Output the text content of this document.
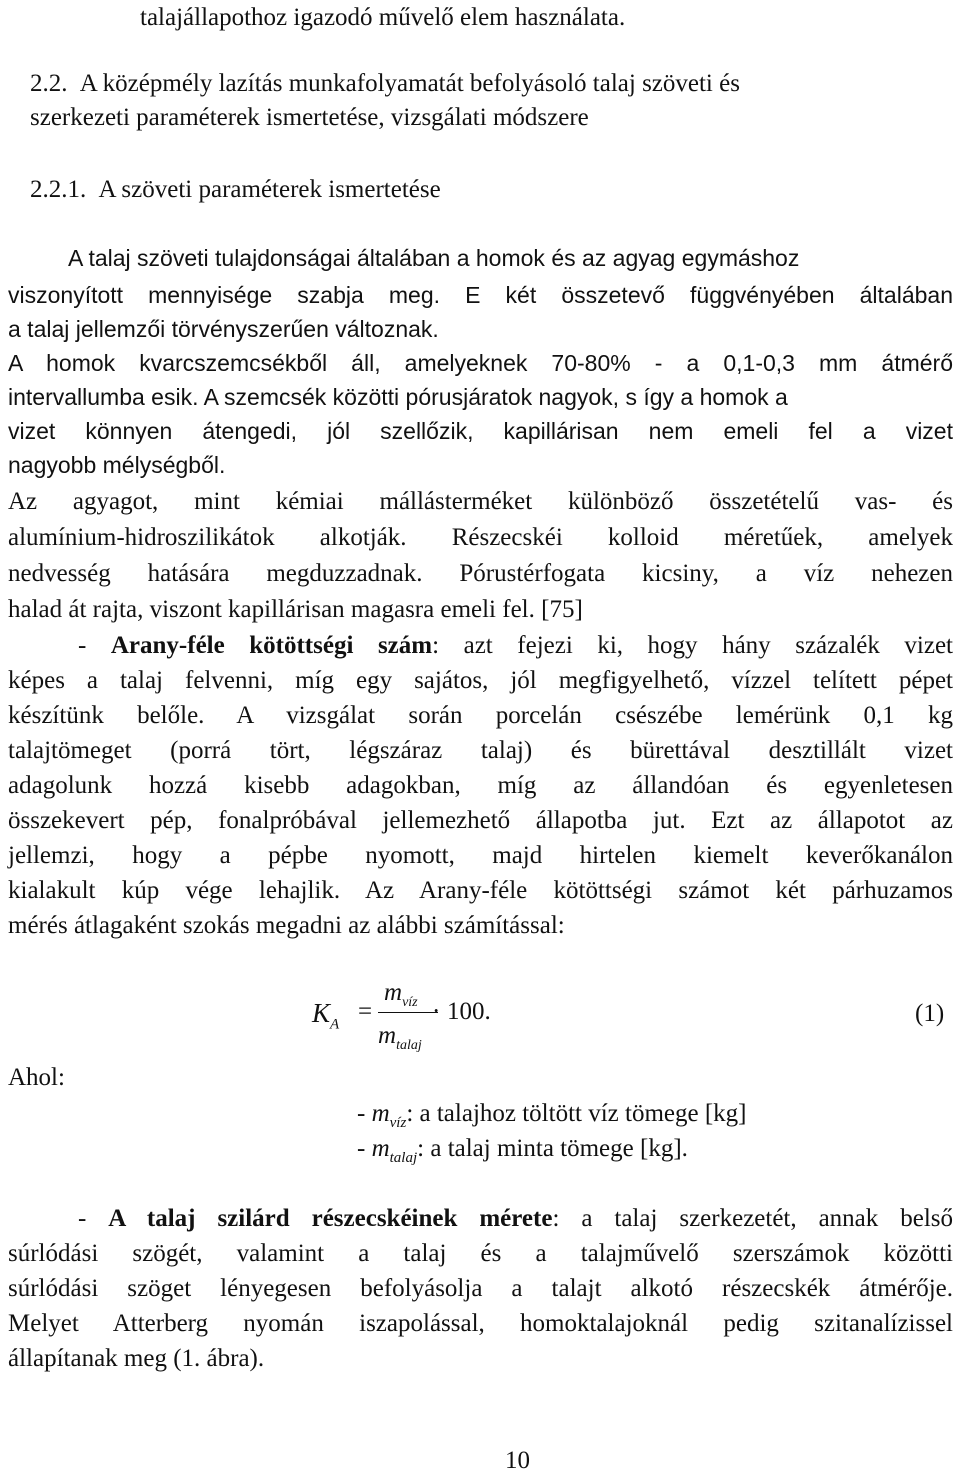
talajállapothoz igazodó művelő elem használata.
2.2. A középmély lazítás munkafolyamatát befolyásoló talaj szöveti és
szerkezeti paraméterek ismertetése, vizsgálati módszere
2.2.1. A szöveti paraméterek ismertetése
A talaj szöveti tulajdonságai általában a homok és az agyag egymáshoz
viszonyított mennyisége szabja meg. E két összetevő függvényében általában
a talaj jellemzői törvényszerűen változnak.
A homok kvarcszemcsékből áll, amelyeknek 70-80% - a 0,1-0,3 mm átmérő
intervallumba esik. A szemcsék közötti pórusjáratok nagyok, s így a homok a
vizet könnyen átengedi, jól szellőzik, kapillárisan nem emeli fel a vizet
nagyobb mélységből.
Az agyagot, mint kémiai mállásterméket különböző összetételű vas- és
alumínium-hidroszilikátok alkotják. Részecskéi kolloid méretűek, amelyek
nedvesség hatására megduzzadnak. Pórustérfogata kicsiny, a víz nehezen
halad át rajta, viszont kapillárisan magasra emeli fel. [75]
- Arany-féle kötöttségi szám: azt fejezi ki, hogy hány százalék vizet
képes a talaj felvenni, míg egy sajátos, jól megfigyelhető, vízzel telített pépet
készítünk belőle. A vizsgálat során porcelán csészébe lemérünk 0,1 kg
talajtömeget (porrá tört, légszáraz talaj) és bürettával desztillált vizet
adagolunk hozzá kisebb adagokban, míg az állandóan és egyenletesen
összekevert pép, fonalpróbával jellemezhető állapotba jut. Ezt az állapotot az
jellemzi, hogy a pépbe nyomott, majd hirtelen kiemelt keverőkanálon
kialakult kúp vége lehajlik. Az Arany-féle kötöttségi számot két párhuzamos
mérés átlagaként szokás megadni az alábbi számítással:
$K_A$ =
$m_{víz}$
$m_{talaj}$
· 100.	(1)
Ahol:
- $m_{víz}$: a talajhoz töltött víz tömege [kg]
- $m_{talaj}$: a talaj minta tömege [kg].
- A talaj szilárd részecskéinek mérete: a talaj szerkezetét, annak belső
súrlódási szögét, valamint a talaj és a talajművelő szerszámok közötti
súrlódási szöget lényegesen befolyásolja a talajt alkotó részecskék átmérője.
Melyet Atterberg nyomán iszapolással, homoktalajoknál pedig szitanalízissel
állapítanak meg (1. ábra).
10
